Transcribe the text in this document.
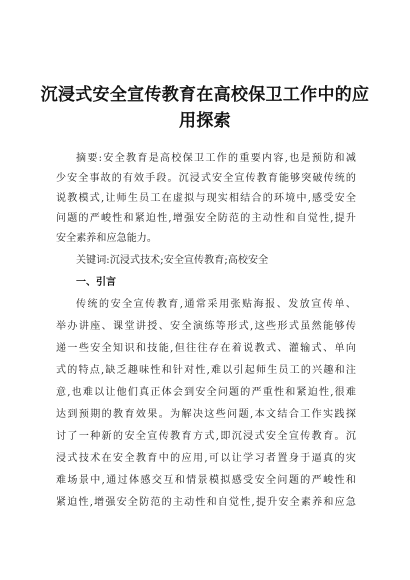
沉浸式安全宣传教育在高校保卫工作中的应
用探索
摘要:安全教育是高校保卫工作的重要内容,也是预防和减
少安全事故的有效手段。沉浸式安全宣传教育能够突破传统的
说教模式,让师生员工在虚拟与现实相结合的环境中,感受安全
问题的严峻性和紧迫性,增强安全防范的主动性和自觉性,提升
安全素养和应急能力。
关键词:沉浸式技术;安全宣传教育;高校安全
一、引言
传统的安全宣传教育,通常采用张贴海报、发放宣传单、
举办讲座、课堂讲授、安全演练等形式,这些形式虽然能够传
递一些安全知识和技能,但往往存在着说教式、灌输式、单向
式的特点,缺乏趣味性和针对性,难以引起师生员工的兴趣和注
意,也难以让他们真正体会到安全问题的严重性和紧迫性,很难
达到预期的教育效果。为解决这些问题,本文结合工作实践探
讨了一种新的安全宣传教育方式,即沉浸式安全宣传教育。沉
浸式技术在安全教育中的应用,可以让学习者置身于逼真的灾
难场景中,通过体感交互和情景模拟感受安全问题的严峻性和
紧迫性,增强安全防范的主动性和自觉性,提升安全素养和应急
